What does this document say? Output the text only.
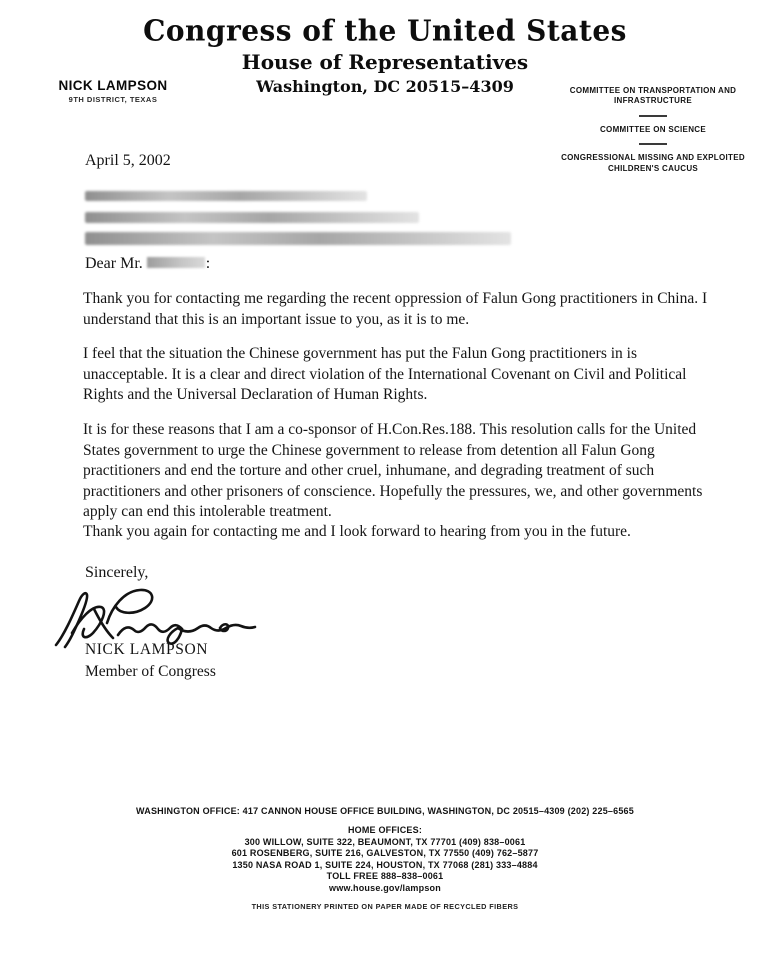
Congress of the United States
House of Representatives
Washington, DC 20515–4309
NICK LAMPSON
9TH DISTRICT, TEXAS
COMMITTEE ON TRANSPORTATION AND INFRASTRUCTURE
COMMITTEE ON SCIENCE
CONGRESSIONAL MISSING AND EXPLOITED CHILDREN'S CAUCUS
April 5, 2002
Dear Mr.	:

Thank you for contacting me regarding the recent oppression of Falun Gong practitioners in China. I understand that this is an important issue to you, as it is to me.

I feel that the situation the Chinese government has put the Falun Gong practitioners in is unacceptable. It is a clear and direct violation of the International Covenant on Civil and Political Rights and the Universal Declaration of Human Rights.

It is for these reasons that I am a co-sponsor of H.Con.Res.188. This resolution calls for the United States government to urge the Chinese government to release from detention all Falun Gong practitioners and end the torture and other cruel, inhumane, and degrading treatment of such practitioners and other prisoners of conscience. Hopefully the pressures, we, and other governments apply can end this intolerable treatment.

Thank you again for contacting me and I look forward to hearing from you in the future.
Sincerely,
NICK LAMPSON
Member of Congress
WASHINGTON OFFICE: 417 CANNON HOUSE OFFICE BUILDING, WASHINGTON, DC 20515–4309 (202) 225–6565
HOME OFFICES:
300 WILLOW, SUITE 322, BEAUMONT, TX 77701 (409) 838–0061
601 ROSENBERG, SUITE 216, GALVESTON, TX 77550 (409) 762–5877
1350 NASA ROAD 1, SUITE 224, HOUSTON, TX 77068 (281) 333–4884
TOLL FREE 888–838–0061
www.house.gov/lampson
THIS STATIONERY PRINTED ON PAPER MADE OF RECYCLED FIBERS
